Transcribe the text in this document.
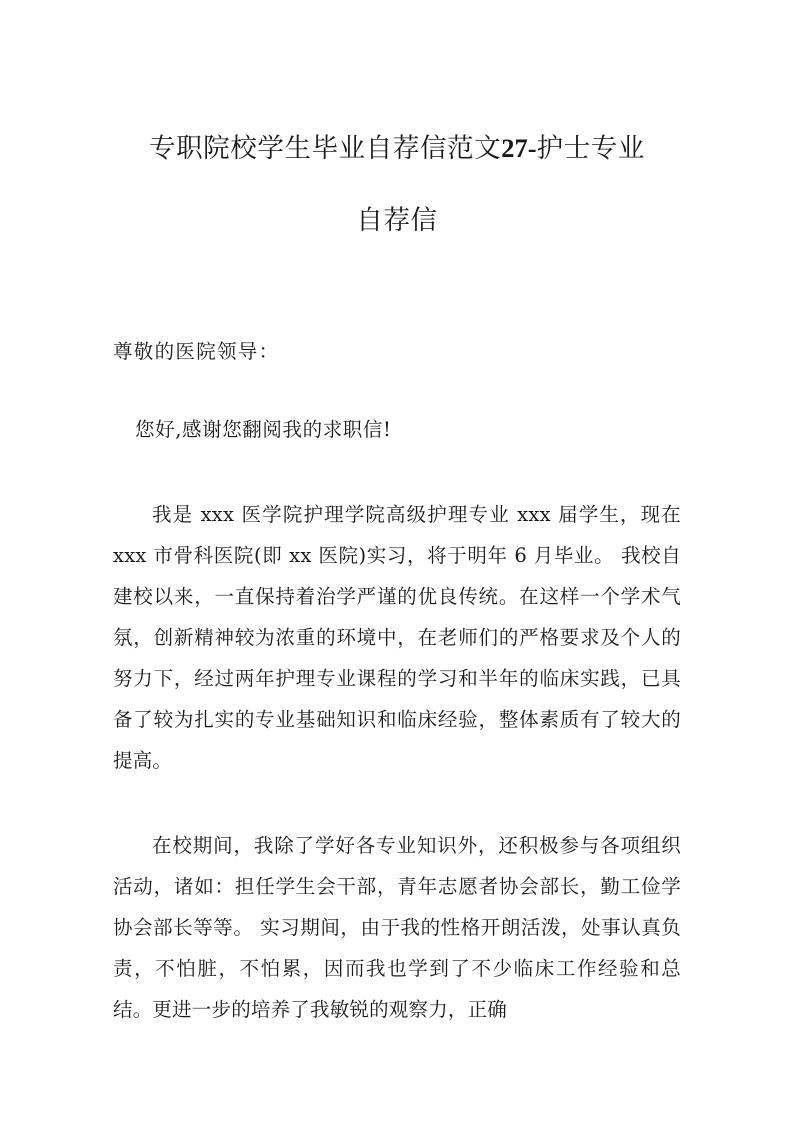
专职院校学生毕业自荐信范文27-护士专业
自荐信

尊敬的医院领导：

您好,感谢您翻阅我的求职信!

我是 xxx 医学院护理学院高级护理专业 xxx 届学生，现在 xxx 市骨科医院(即 xx 医院)实习，将于明年 6 月毕业。 我校自建校以来，一直保持着治学严谨的优良传统。在这样一个学术气氛，创新精神较为浓重的环境中，在老师们的严格要求及个人的努力下，经过两年护理专业课程的学习和半年的临床实践，已具备了较为扎实的专业基础知识和临床经验，整体素质有了较大的提高。

在校期间，我除了学好各专业知识外，还积极参与各项组织活动，诸如：担任学生会干部，青年志愿者协会部长，勤工俭学协会部长等等。 实习期间，由于我的性格开朗活泼，处事认真负责，不怕脏，不怕累，因而我也学到了不少临床工作经验和总结。更进一步的培养了我敏锐的观察力，正确
